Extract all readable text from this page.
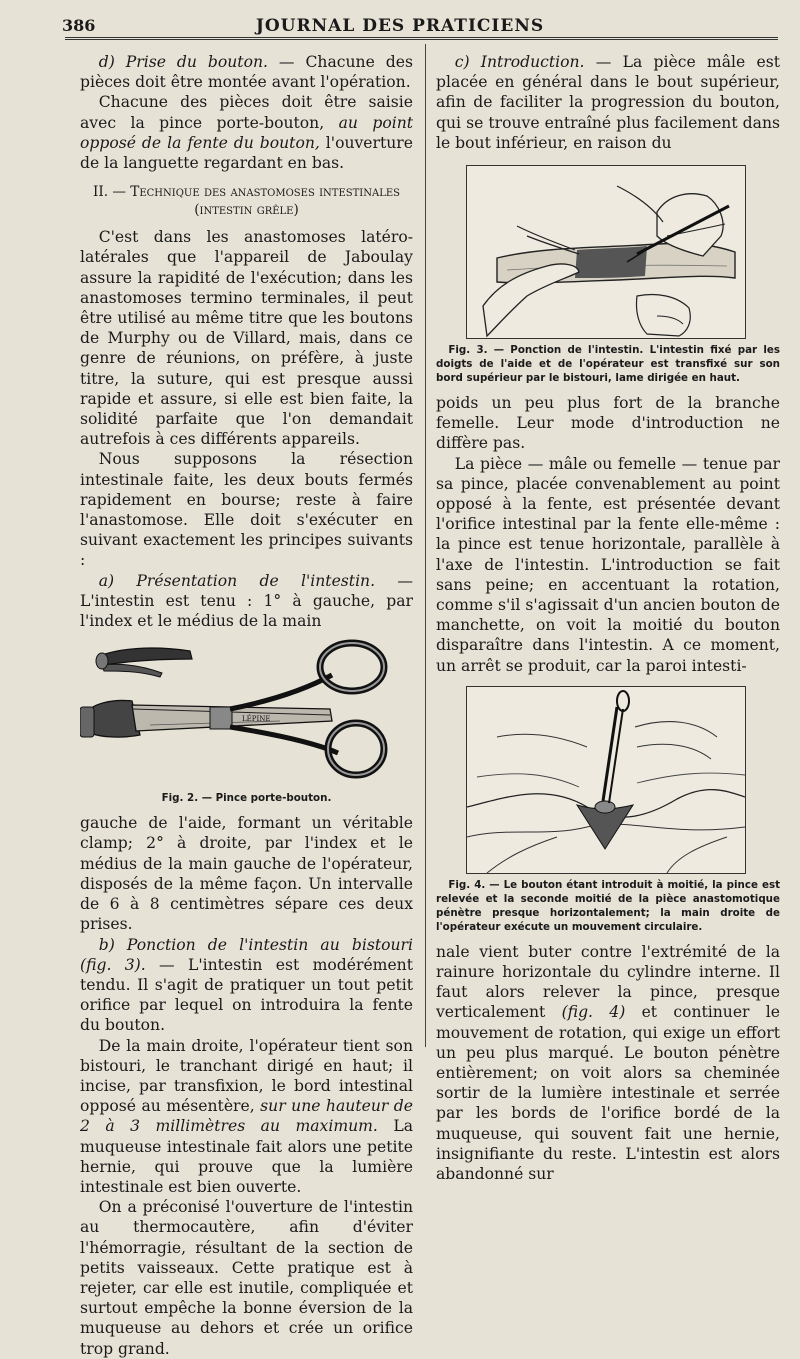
386	JOURNAL DES PRATICIENS

d) Prise du bouton. — Chacune des pièces doit être montée avant l'opération.

Chacune des pièces doit être saisie avec la pince porte-bouton, au point opposé de la fente du bouton, l'ouverture de la languette regardant en bas.

II. — Technique des anastomoses intestinales
(intestin grêle)

C'est dans les anastomoses latéro-latérales que l'appareil de Jaboulay assure la rapidité de l'exécution; dans les anastomoses termino terminales, il peut être utilisé au même titre que les boutons de Murphy ou de Villard, mais, dans ce genre de réunions, on préfère, à juste titre, la suture, qui est presque aussi rapide et assure, si elle est bien faite, la solidité parfaite que l'on demandait autrefois à ces différents appareils.

Nous supposons la résection intestinale faite, les deux bouts fermés rapidement en bourse; reste à faire l'anastomose. Elle doit s'exécuter en suivant exactement les principes suivants :

a) Présentation de l'intestin. — L'intestin est tenu : 1° à gauche, par l'index et le médius de la main

LÉPINE
Fig. 2. — Pince porte-bouton.

gauche de l'aide, formant un véritable clamp; 2° à droite, par l'index et le médius de la main gauche de l'opérateur, disposés de la même façon. Un intervalle de 6 à 8 centimètres sépare ces deux prises.

b) Ponction de l'intestin au bistouri (fig. 3). — L'intestin est modérément tendu. Il s'agit de pratiquer un tout petit orifice par lequel on introduira la fente du bouton.

De la main droite, l'opérateur tient son bistouri, le tranchant dirigé en haut; il incise, par transfixion, le bord intestinal opposé au mésentère, sur une hauteur de 2 à 3 millimètres au maximum. La muqueuse intestinale fait alors une petite hernie, qui prouve que la lumière intestinale est bien ouverte.

On a préconisé l'ouverture de l'intestin au thermocautère, afin d'éviter l'hémorragie, résultant de la section de petits vaisseaux. Cette pratique est à rejeter, car elle est inutile, compliquée et surtout empêche la bonne éversion de la muqueuse au dehors et crée un orifice trop grand.

c) Introduction. — La pièce mâle est placée en général dans le bout supérieur, afin de faciliter la progression du bouton, qui se trouve entraîné plus facilement dans le bout inférieur, en raison du

Fig. 3. — Ponction de l'intestin. L'intestin fixé par les doigts de l'aide et de l'opérateur est transfixé sur son bord supérieur par le bistouri, lame dirigée en haut.

poids un peu plus fort de la branche femelle. Leur mode d'introduction ne diffère pas.

La pièce — mâle ou femelle — tenue par sa pince, placée convenablement au point opposé à la fente, est présentée devant l'orifice intestinal par la fente elle-même : la pince est tenue horizontale, parallèle à l'axe de l'intestin. L'introduction se fait sans peine; en accentuant la rotation, comme s'il s'agissait d'un ancien bouton de manchette, on voit la moitié du bouton disparaître dans l'intestin. A ce moment, un arrêt se produit, car la paroi intesti-

Fig. 4. — Le bouton étant introduit à moitié, la pince est relevée et la seconde moitié de la pièce anastomotique pénètre presque horizontalement; la main droite de l'opérateur exécute un mouvement circulaire.

nale vient buter contre l'extrémité de la rainure horizontale du cylindre interne. Il faut alors relever la pince, presque verticalement (fig. 4) et continuer le mouvement de rotation, qui exige un effort un peu plus marqué. Le bouton pénètre entièrement; on voit alors sa cheminée sortir de la lumière intestinale et serrée par les bords de l'orifice bordé de la muqueuse, qui souvent fait une hernie, insignifiante du reste. L'intestin est alors abandonné sur
